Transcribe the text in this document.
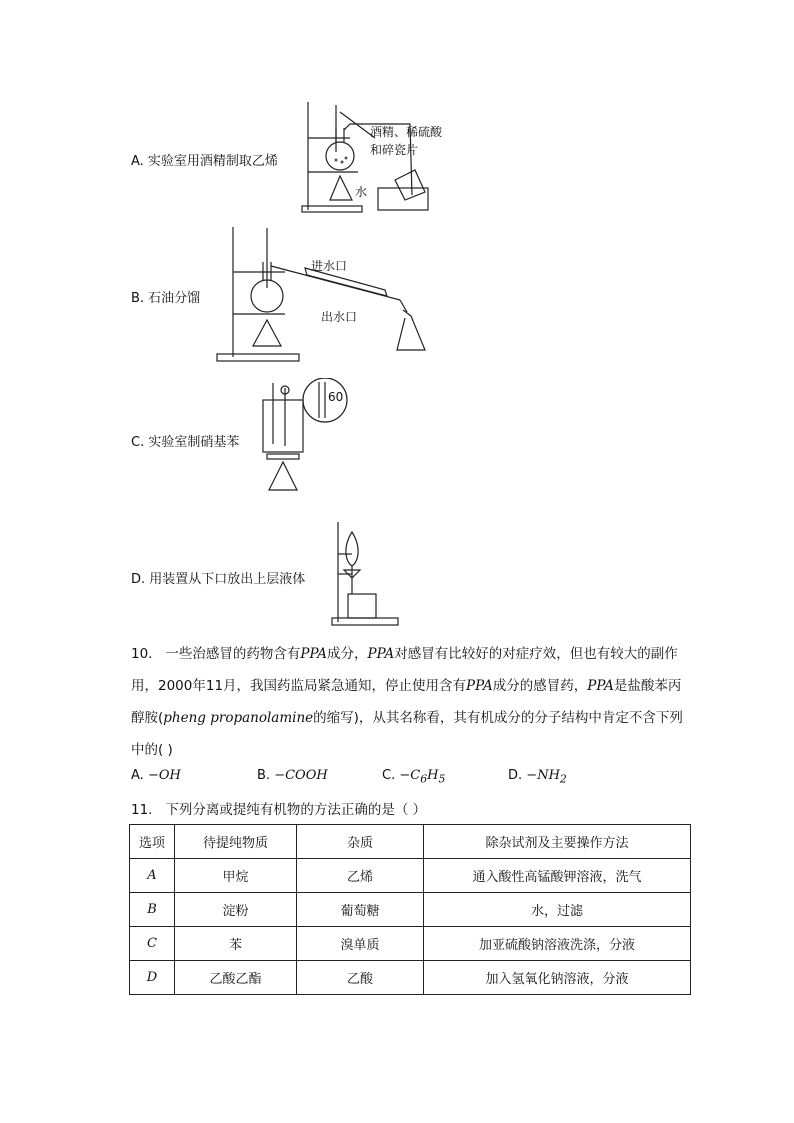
A. 实验室用酒精制取乙烯
酒精、稀硫酸
和碎瓷片
水
B. 石油分馏
进水口
出水口
C. 实验室制硝基苯
60
D. 用装置从下口放出上层液体
10. 一些治感冒的药物含有PPA成分，PPA对感冒有比较好的对症疗效，但也有较大的副作
用，2000年11月，我国药监局紧急通知，停止使用含有PPA成分的感冒药，PPA是盐酸苯丙
醇胺(pheng propanolamine的缩写)，从其名称看，其有机成分的分子结构中肯定不含下列
中的( )
A. −OH	B. −COOH	C. $-C_6H_5$	D. $-NH_2$
11. 下列分离或提纯有机物的方法正确的是（ ）
选项	待提纯物质	杂质	除杂试剂及主要操作方法
A	甲烷	乙烯	通入酸性高锰酸钾溶液，洗气
B	淀粉	葡萄糖	水，过滤
C	苯	溴单质	加亚硫酸钠溶液洗涤，分液
D	乙酸乙酯	乙酸	加入氢氧化钠溶液，分液
